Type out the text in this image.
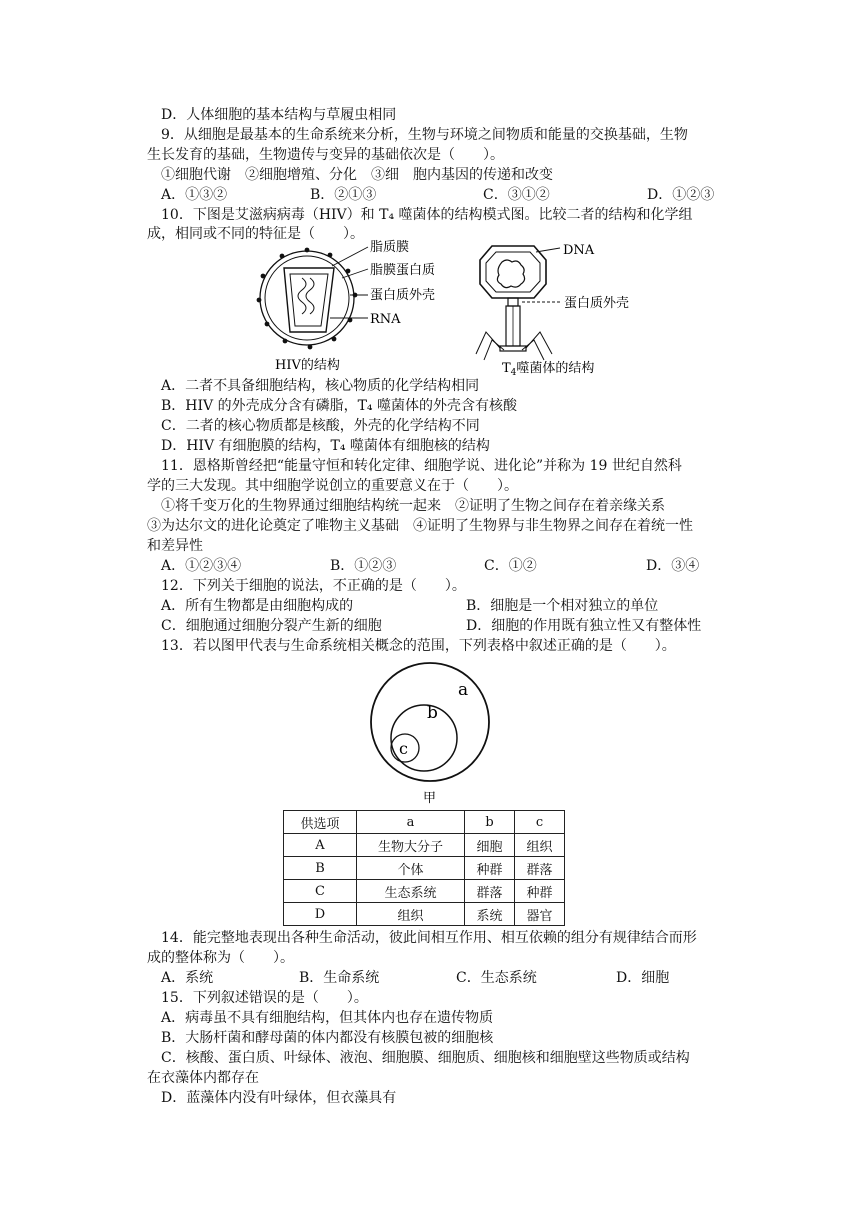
D．人体细胞的基本结构与草履虫相同
9．从细胞是最基本的生命系统来分析，生物与环境之间物质和能量的交换基础，生物
生长发育的基础，生物遗传与变异的基础依次是（　　）。
①细胞代谢　②细胞增殖、分化　③细　胞内基因的传递和改变
A．①③②	B．②①③	C．③①②	D．①②③
10．下图是艾滋病病毒（HIV）和 T₄ 噬菌体的结构模式图。比较二者的结构和化学组
成，相同或不同的特征是（　　）。
脂质膜
脂膜蛋白质
蛋白质外壳
RNA
HIV的结构
DNA
蛋白质外壳
$T_4$噬菌体的结构
A．二者不具备细胞结构，核心物质的化学结构相同
B．HIV 的外壳成分含有磷脂，T₄ 噬菌体的外壳含有核酸
C．二者的核心物质都是核酸，外壳的化学结构不同
D．HIV 有细胞膜的结构，T₄ 噬菌体有细胞核的结构
11．恩格斯曾经把“能量守恒和转化定律、细胞学说、进化论”并称为 19 世纪自然科
学的三大发现。其中细胞学说创立的重要意义在于（　　）。
①将千变万化的生物界通过细胞结构统一起来　②证明了生物之间存在着亲缘关系
③为达尔文的进化论奠定了唯物主义基础　④证明了生物界与非生物界之间存在着统一性
和差异性
A．①②③④	B．①②③	C．①②	D．③④
12．下列关于细胞的说法，不正确的是（　　）。
A．所有生物都是由细胞构成的	B．细胞是一个相对独立的单位
C．细胞通过细胞分裂产生新的细胞	D．细胞的作用既有独立性又有整体性
13．若以图甲代表与生命系统相关概念的范围，下列表格中叙述正确的是（　　）。
a
b
c
甲
供选项	a	b	c
A	生物大分子	细胞	组织
B	个体	种群	群落
C	生态系统	群落	种群
D	组织	系统	器官
14．能完整地表现出各种生命活动，彼此间相互作用、相互依赖的组分有规律结合而形
成的整体称为（　　）。
A．系统	B．生命系统	C．生态系统	D．细胞
15．下列叙述错误的是（　　）。
A．病毒虽不具有细胞结构，但其体内也存在遗传物质
B．大肠杆菌和酵母菌的体内都没有核膜包被的细胞核
C．核酸、蛋白质、叶绿体、液泡、细胞膜、细胞质、细胞核和细胞壁这些物质或结构
在衣藻体内都存在
D．蓝藻体内没有叶绿体，但衣藻具有
